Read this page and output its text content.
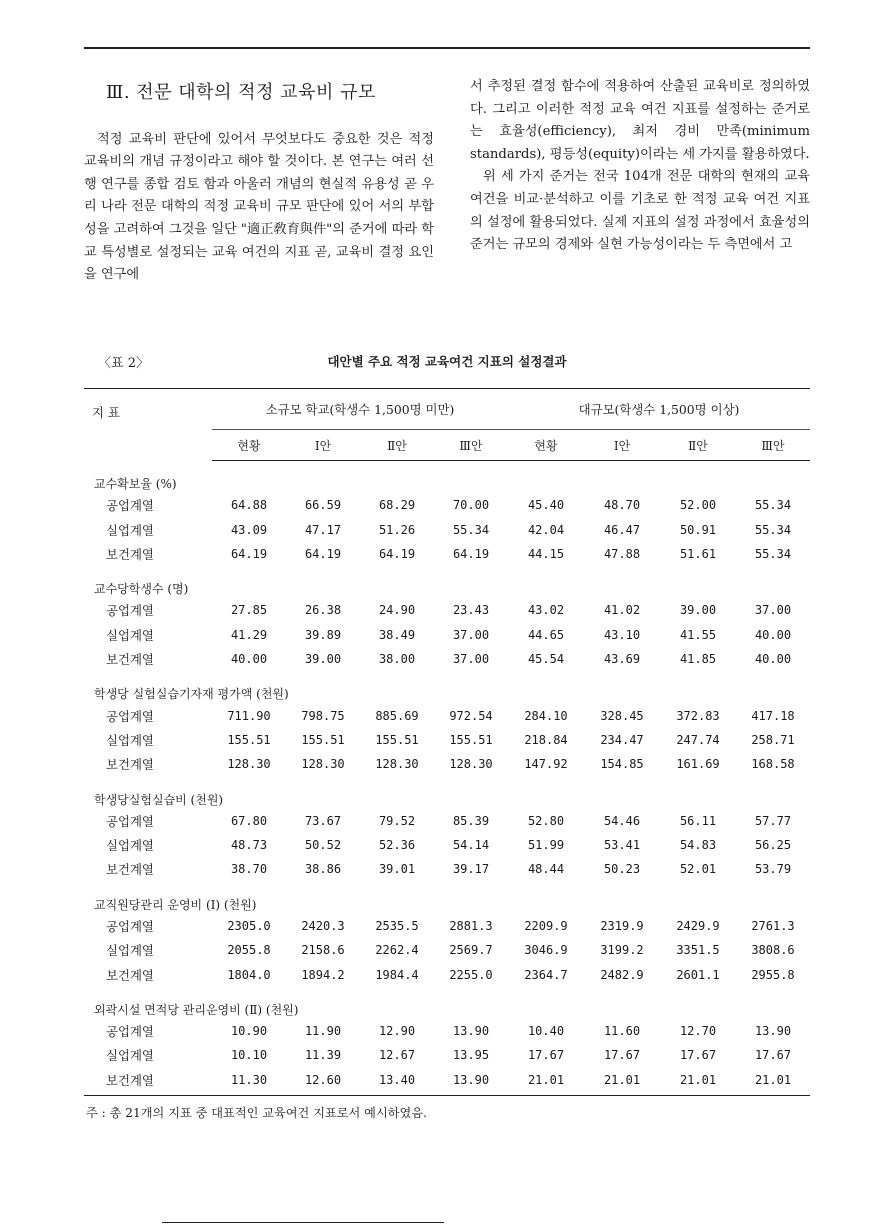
Ⅲ. 전문 대학의 적정 교육비 규모

적정 교육비 판단에 있어서 무엇보다도 중요한 것은 적정 교육비의 개념 규정이라고 해야 할 것이다. 본 연구는 여러 선행 연구를 종합 검토 함과 아울러 개념의 현실적 유용성 곧 우리 나라 전문 대학의 적정 교육비 규모 판단에 있어 서의 부합성을 고려하여 그것을 일단 "適正敎育與件"의 준거에 따라 학교 특성별로 설정되는 교육 여건의 지표 곧, 교육비 결정 요인을 연구에

서 추정된 결정 함수에 적용하여 산출된 교육비로 정의하였다. 그리고 이러한 적정 교육 여건 지표를 설정하는 준거로는 효율성(efficiency), 최저 경비 만족(minimum standards), 평등성(equity)이라는 세 가지를 활용하였다.

위 세 가지 준거는 전국 104개 전문 대학의 현재의 교육 여건을 비교·분석하고 이를 기초로 한 적정 교육 여건 지표의 설정에 활용되었다. 실제 지표의 설정 과정에서 효율성의 준거는 규모의 경제와 실현 가능성이라는 두 측면에서 고

〈표 2〉	대안별 주요 적정 교육여건 지표의 설정결과
지 표	소규모 학교(학생수 1,500명 미만)				대규모(학생수 1,500명 이상)			
	현황	Ⅰ안	Ⅱ안	Ⅲ안	현황	Ⅰ안	Ⅱ안	Ⅲ안
교수확보율 (%)								
공업계열	64.88	66.59	68.29	70.00	45.40	48.70	52.00	55.34
실업계열	43.09	47.17	51.26	55.34	42.04	46.47	50.91	55.34
보건계열	64.19	64.19	64.19	64.19	44.15	47.88	51.61	55.34
교수당학생수 (명)								
공업계열	27.85	26.38	24.90	23.43	43.02	41.02	39.00	37.00
실업계열	41.29	39.89	38.49	37.00	44.65	43.10	41.55	40.00
보건계열	40.00	39.00	38.00	37.00	45.54	43.69	41.85	40.00
학생당 실험실습기자재 평가액 (천원)								
공업계열	711.90	798.75	885.69	972.54	284.10	328.45	372.83	417.18
실업계열	155.51	155.51	155.51	155.51	218.84	234.47	247.74	258.71
보건계열	128.30	128.30	128.30	128.30	147.92	154.85	161.69	168.58
학생당실험실습비 (천원)								
공업계열	67.80	73.67	79.52	85.39	52.80	54.46	56.11	57.77
실업계열	48.73	50.52	52.36	54.14	51.99	53.41	54.83	56.25
보건계열	38.70	38.86	39.01	39.17	48.44	50.23	52.01	53.79
교직원당관리 운영비 (Ⅰ) (천원)								
공업계열	2305.0	2420.3	2535.5	2881.3	2209.9	2319.9	2429.9	2761.3
실업계열	2055.8	2158.6	2262.4	2569.7	3046.9	3199.2	3351.5	3808.6
보건계열	1804.0	1894.2	1984.4	2255.0	2364.7	2482.9	2601.1	2955.8
외곽시설 면적당 관리운영비 (Ⅱ) (천원)								
공업계열	10.90	11.90	12.90	13.90	10.40	11.60	12.70	13.90
실업계열	10.10	11.39	12.67	13.95	17.67	17.67	17.67	17.67
보건계열	11.30	12.60	13.40	13.90	21.01	21.01	21.01	21.01
주 : 총 21개의 지표 중 대표적인 교육여건 지표로서 예시하였음.
